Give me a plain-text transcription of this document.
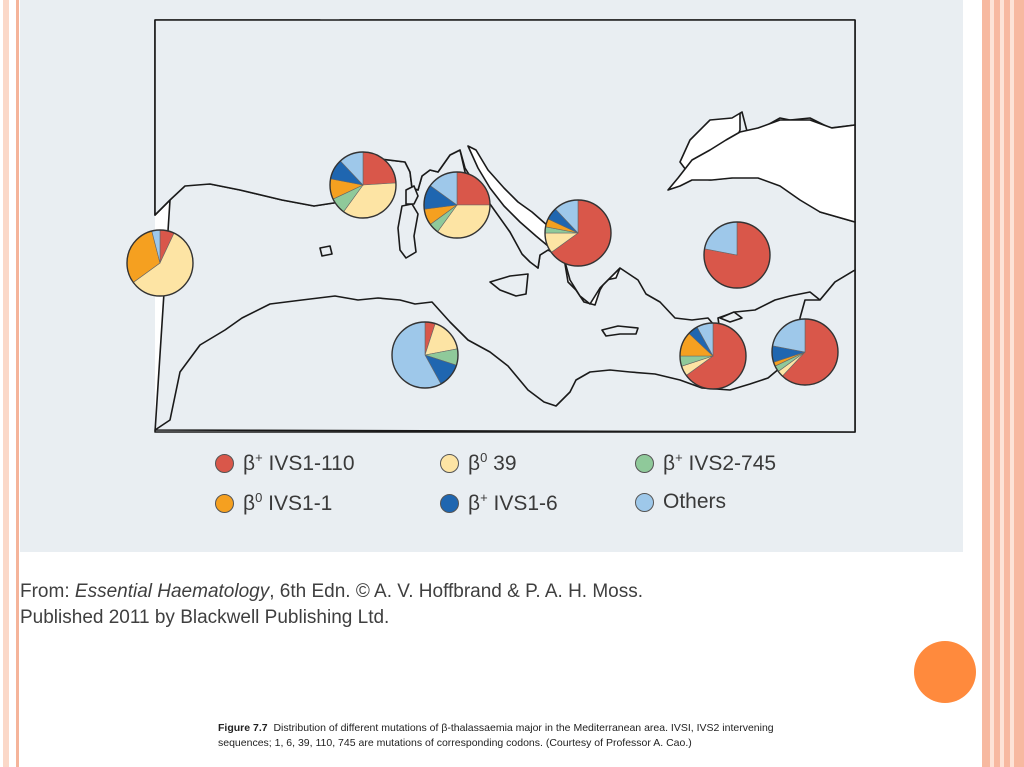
β+ IVS1-110	$\beta^0$ 39	β+ IVS2-745
$\beta^0$ IVS1-1	β+ IVS1-6	Others
From: Essential Haematology, 6th Edn. © A. V. Hoffbrand & P. A. H. Moss.
Published 2011 by Blackwell Publishing Ltd.
Figure 7.7 Distribution of different mutations of β-thalassaemia major in the Mediterranean area. IVSI, IVS2 intervening sequences; 1, 6, 39, 110, 745 are mutations of corresponding codons. (Courtesy of Professor A. Cao.)
